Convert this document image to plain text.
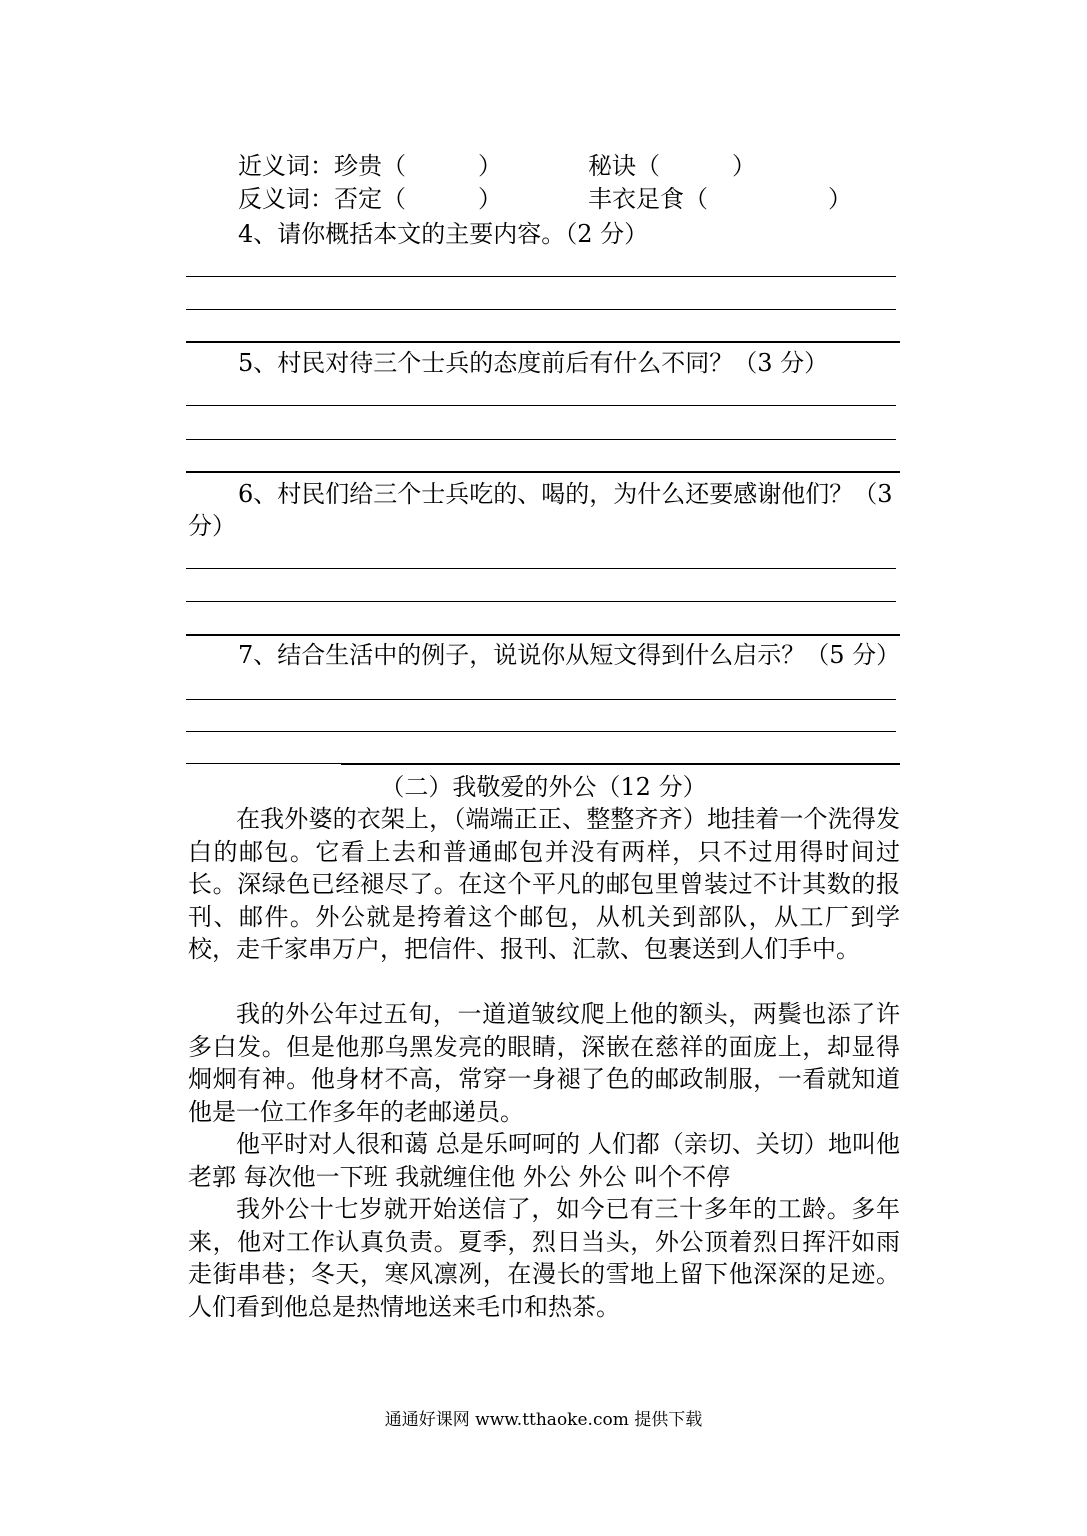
近义词： 珍贵（　　　）	秘诀（　　　）
反义词： 否定（　　　）	丰衣足食（　　　　　）
4、请你概括本文的主要内容。（2 分）
5、村民对待三个士兵的态度前后有什么不同？（3 分）
6、村民们给三个士兵吃的、喝的，为什么还要感谢他们？（3
分）
7、结合生活中的例子，说说你从短文得到什么启示？（5 分）
（二）我敬爱的外公（12 分）

在我外婆的衣架上，（端端正正、整整齐齐）地挂着一个洗得发白的邮包。它看上去和普通邮包并没有两样，只不过用得时间过长。深绿色已经褪尽了。在这个平凡的邮包里曾装过不计其数的报刊、邮件。外公就是挎着这个邮包，从机关到部队，从工厂到学校，走千家串万户，把信件、报刊、汇款、包裹送到人们手中。

我的外公年过五旬，一道道皱纹爬上他的额头，两鬓也添了许多白发。但是他那乌黑发亮的眼睛，深嵌在慈祥的面庞上，却显得炯炯有神。他身材不高，常穿一身褪了色的邮政制服，一看就知道他是一位工作多年的老邮递员。

他平时对人很和蔼 总是乐呵呵的 人们都（亲切、关切）地叫他 老郭 每次他一下班 我就缠住他 外公 外公 叫个不停

我外公十七岁就开始送信了，如今已有三十多年的工龄。多年来，他对工作认真负责。夏季，烈日当头，外公顶着烈日挥汗如雨走街串巷；冬天，寒风凛冽，在漫长的雪地上留下他深深的足迹。人们看到他总是热情地送来毛巾和热茶。

通通好课网 www.tthaoke.com 提供下载
